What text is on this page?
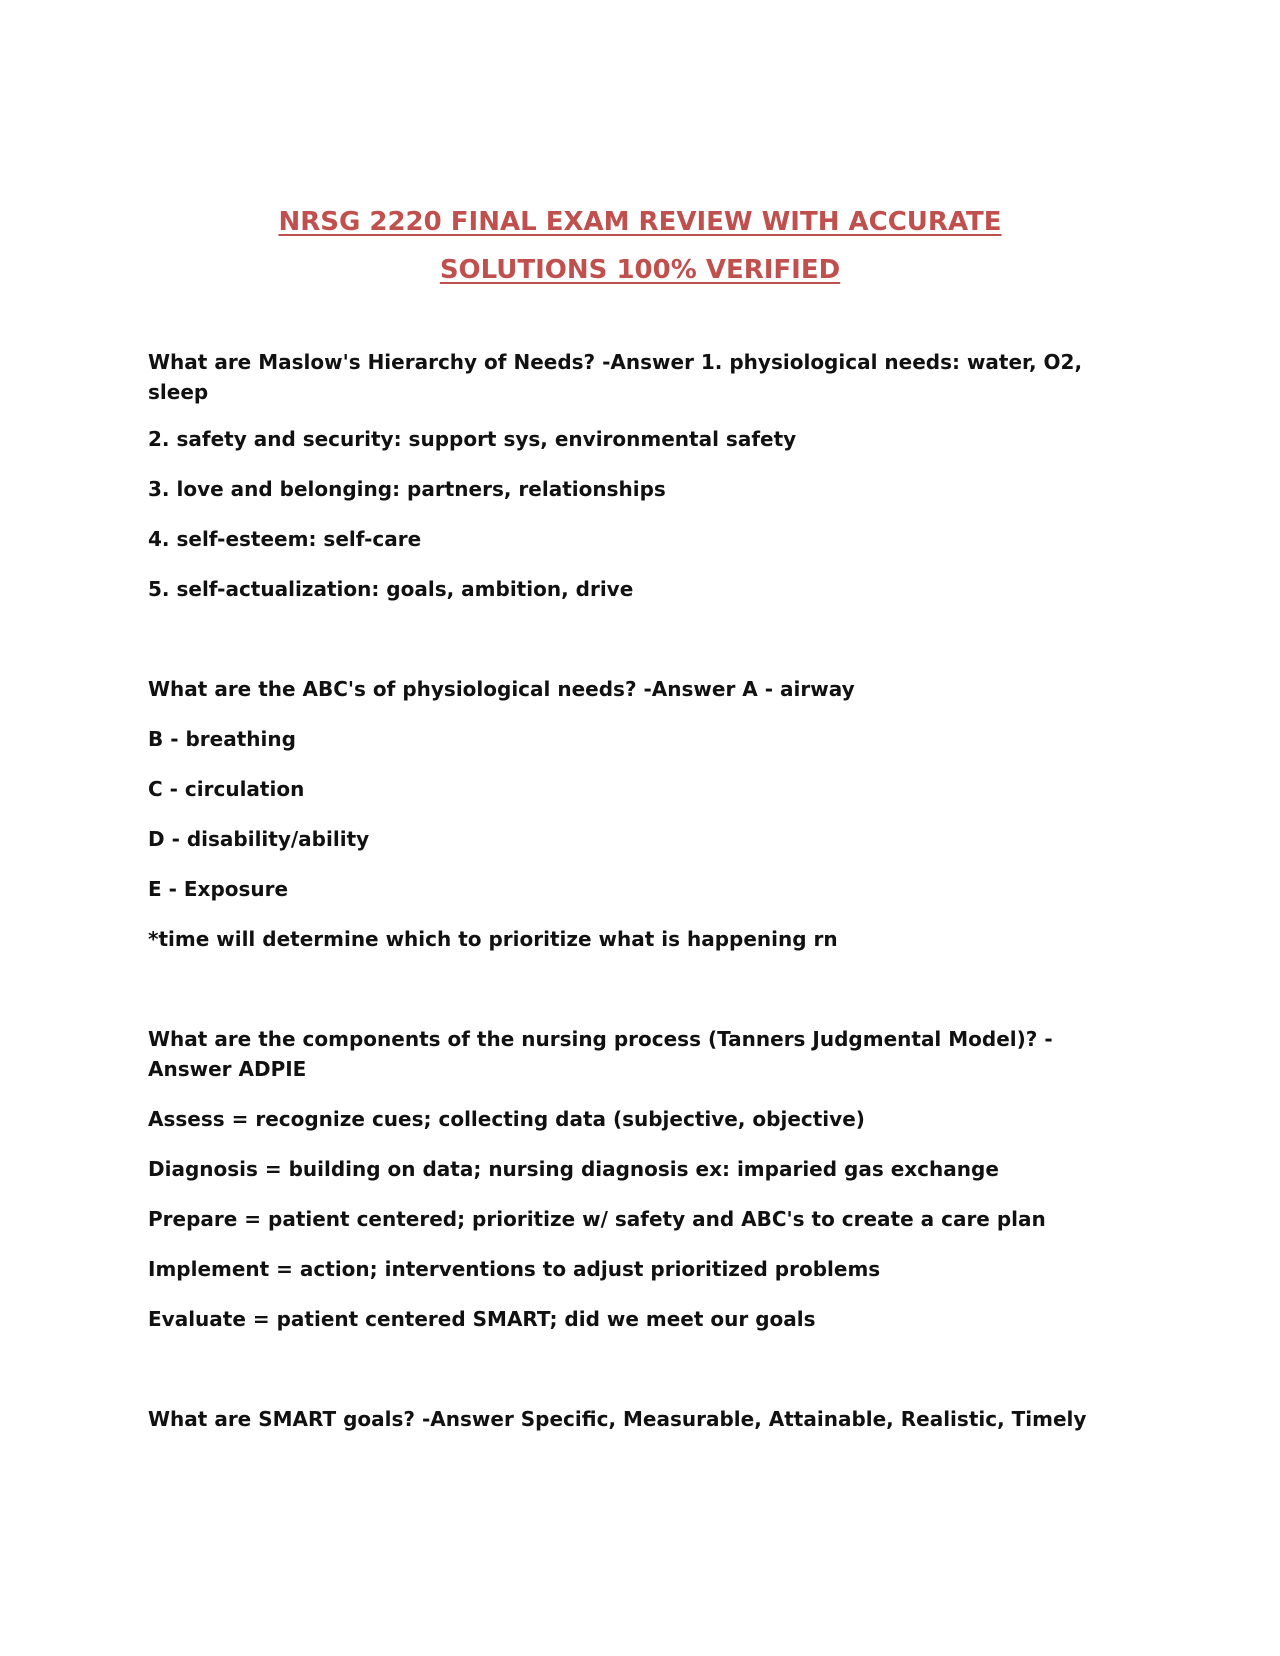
NRSG 2220 FINAL EXAM REVIEW WITH ACCURATE
SOLUTIONS 100% VERIFIED

What are Maslow's Hierarchy of Needs? -Answer 1. physiological needs: water, O2, sleep

2. safety and security: support sys, environmental safety

3. love and belonging: partners, relationships

4. self-esteem: self-care

5. self-actualization: goals, ambition, drive

What are the ABC's of physiological needs? -Answer A - airway

B - breathing

C - circulation

D - disability/ability

E - Exposure

*time will determine which to prioritize what is happening rn

What are the components of the nursing process (Tanners Judgmental Model)? -Answer ADPIE

Assess = recognize cues; collecting data (subjective, objective)

Diagnosis = building on data; nursing diagnosis ex: imparied gas exchange

Prepare = patient centered; prioritize w/ safety and ABC's to create a care plan

Implement = action; interventions to adjust prioritized problems

Evaluate = patient centered SMART; did we meet our goals

What are SMART goals? -Answer Specific, Measurable, Attainable, Realistic, Timely
